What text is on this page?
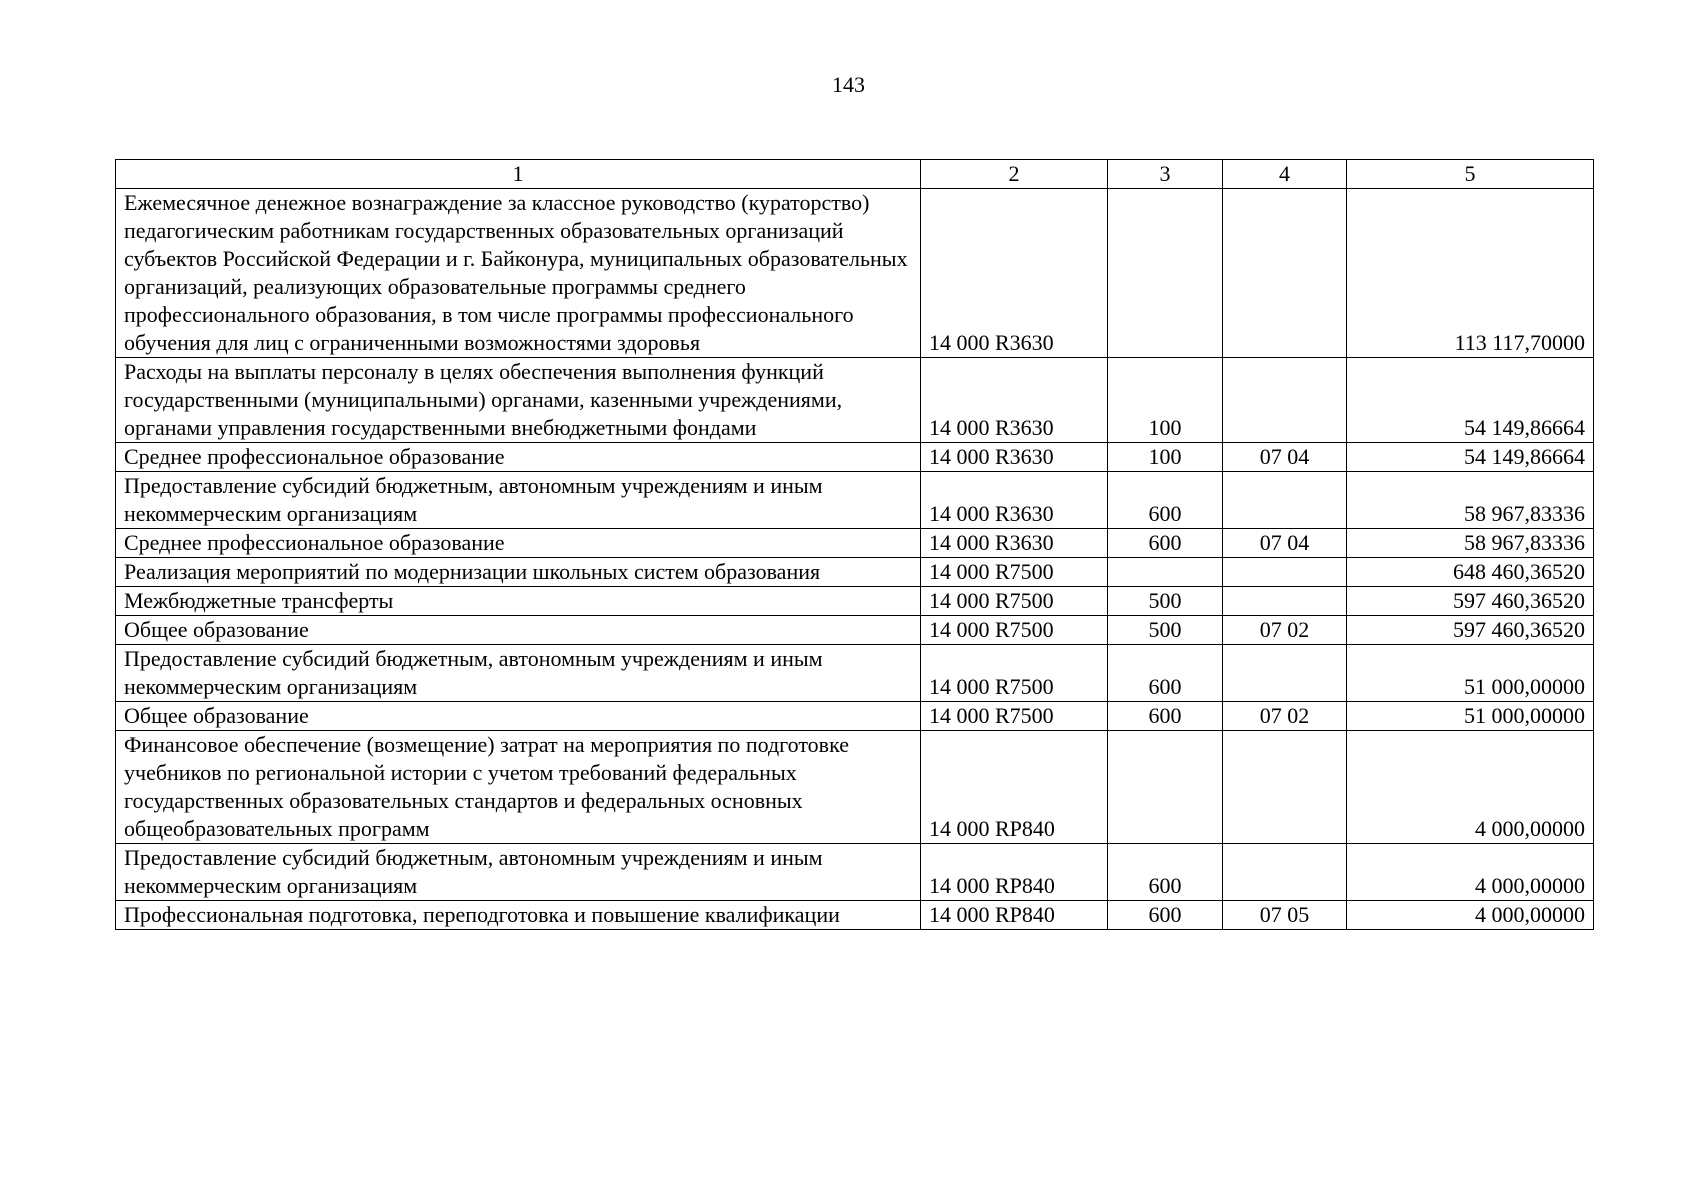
143
1	2	3	4	5
Ежемесячное денежное вознаграждение за классное руководство (кураторство) педагогическим работникам государственных образовательных организаций субъектов Российской Федерации и г. Байконура, муниципальных образовательных организаций, реализующих образовательные программы среднего профессионального образования, в том числе программы профессионального обучения для лиц с ограниченными возможностями здоровья	14 000 R3630			113 117,70000
Расходы на выплаты персоналу в целях обеспечения выполнения функций государственными (муниципальными) органами, казенными учреждениями, органами управления государственными внебюджетными фондами	14 000 R3630	100		54 149,86664
Среднее профессиональное образование	14 000 R3630	100	07 04	54 149,86664
Предоставление субсидий бюджетным, автономным учреждениям и иным некоммерческим организациям	14 000 R3630	600		58 967,83336
Среднее профессиональное образование	14 000 R3630	600	07 04	58 967,83336
Реализация мероприятий по модернизации школьных систем образования	14 000 R7500			648 460,36520
Межбюджетные трансферты	14 000 R7500	500		597 460,36520
Общее образование	14 000 R7500	500	07 02	597 460,36520
Предоставление субсидий бюджетным, автономным учреждениям и иным некоммерческим организациям	14 000 R7500	600		51 000,00000
Общее образование	14 000 R7500	600	07 02	51 000,00000
Финансовое обеспечение (возмещение) затрат на мероприятия по подготовке учебников по региональной истории с учетом требований федеральных государственных образовательных стандартов и федеральных основных общеобразовательных программ	14 000 RP840			4 000,00000
Предоставление субсидий бюджетным, автономным учреждениям и иным некоммерческим организациям	14 000 RP840	600		4 000,00000
Профессиональная подготовка, переподготовка и повышение квалификации	14 000 RP840	600	07 05	4 000,00000
